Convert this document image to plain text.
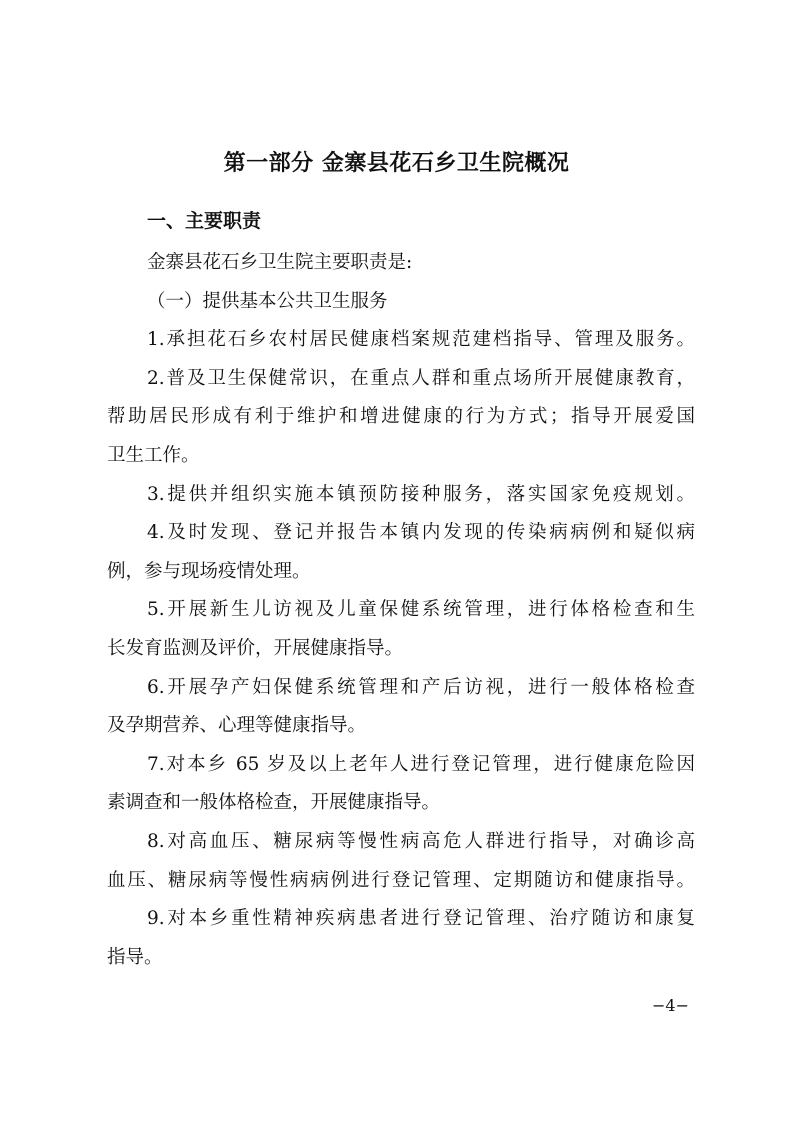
第一部分 金寨县花石乡卫生院概况
一、主要职责
金寨县花石乡卫生院主要职责是:
（一）提供基本公共卫生服务
1.承担花石乡农村居民健康档案规范建档指导、管理及服务。
2.普及卫生保健常识，在重点人群和重点场所开展健康教育，
帮助居民形成有利于维护和增进健康的行为方式；指导开展爱国
卫生工作。
3.提供并组织实施本镇预防接种服务，落实国家免疫规划。
4.及时发现、登记并报告本镇内发现的传染病病例和疑似病
例，参与现场疫情处理。
5.开展新生儿访视及儿童保健系统管理，进行体格检查和生
长发育监测及评价，开展健康指导。
6.开展孕产妇保健系统管理和产后访视，进行一般体格检查
及孕期营养、心理等健康指导。
7.对本乡 65 岁及以上老年人进行登记管理，进行健康危险因
素调查和一般体格检查，开展健康指导。
8.对高血压、糖尿病等慢性病高危人群进行指导，对确诊高
血压、糖尿病等慢性病病例进行登记管理、定期随访和健康指导。
9.对本乡重性精神疾病患者进行登记管理、治疗随访和康复
指导。
−4−
